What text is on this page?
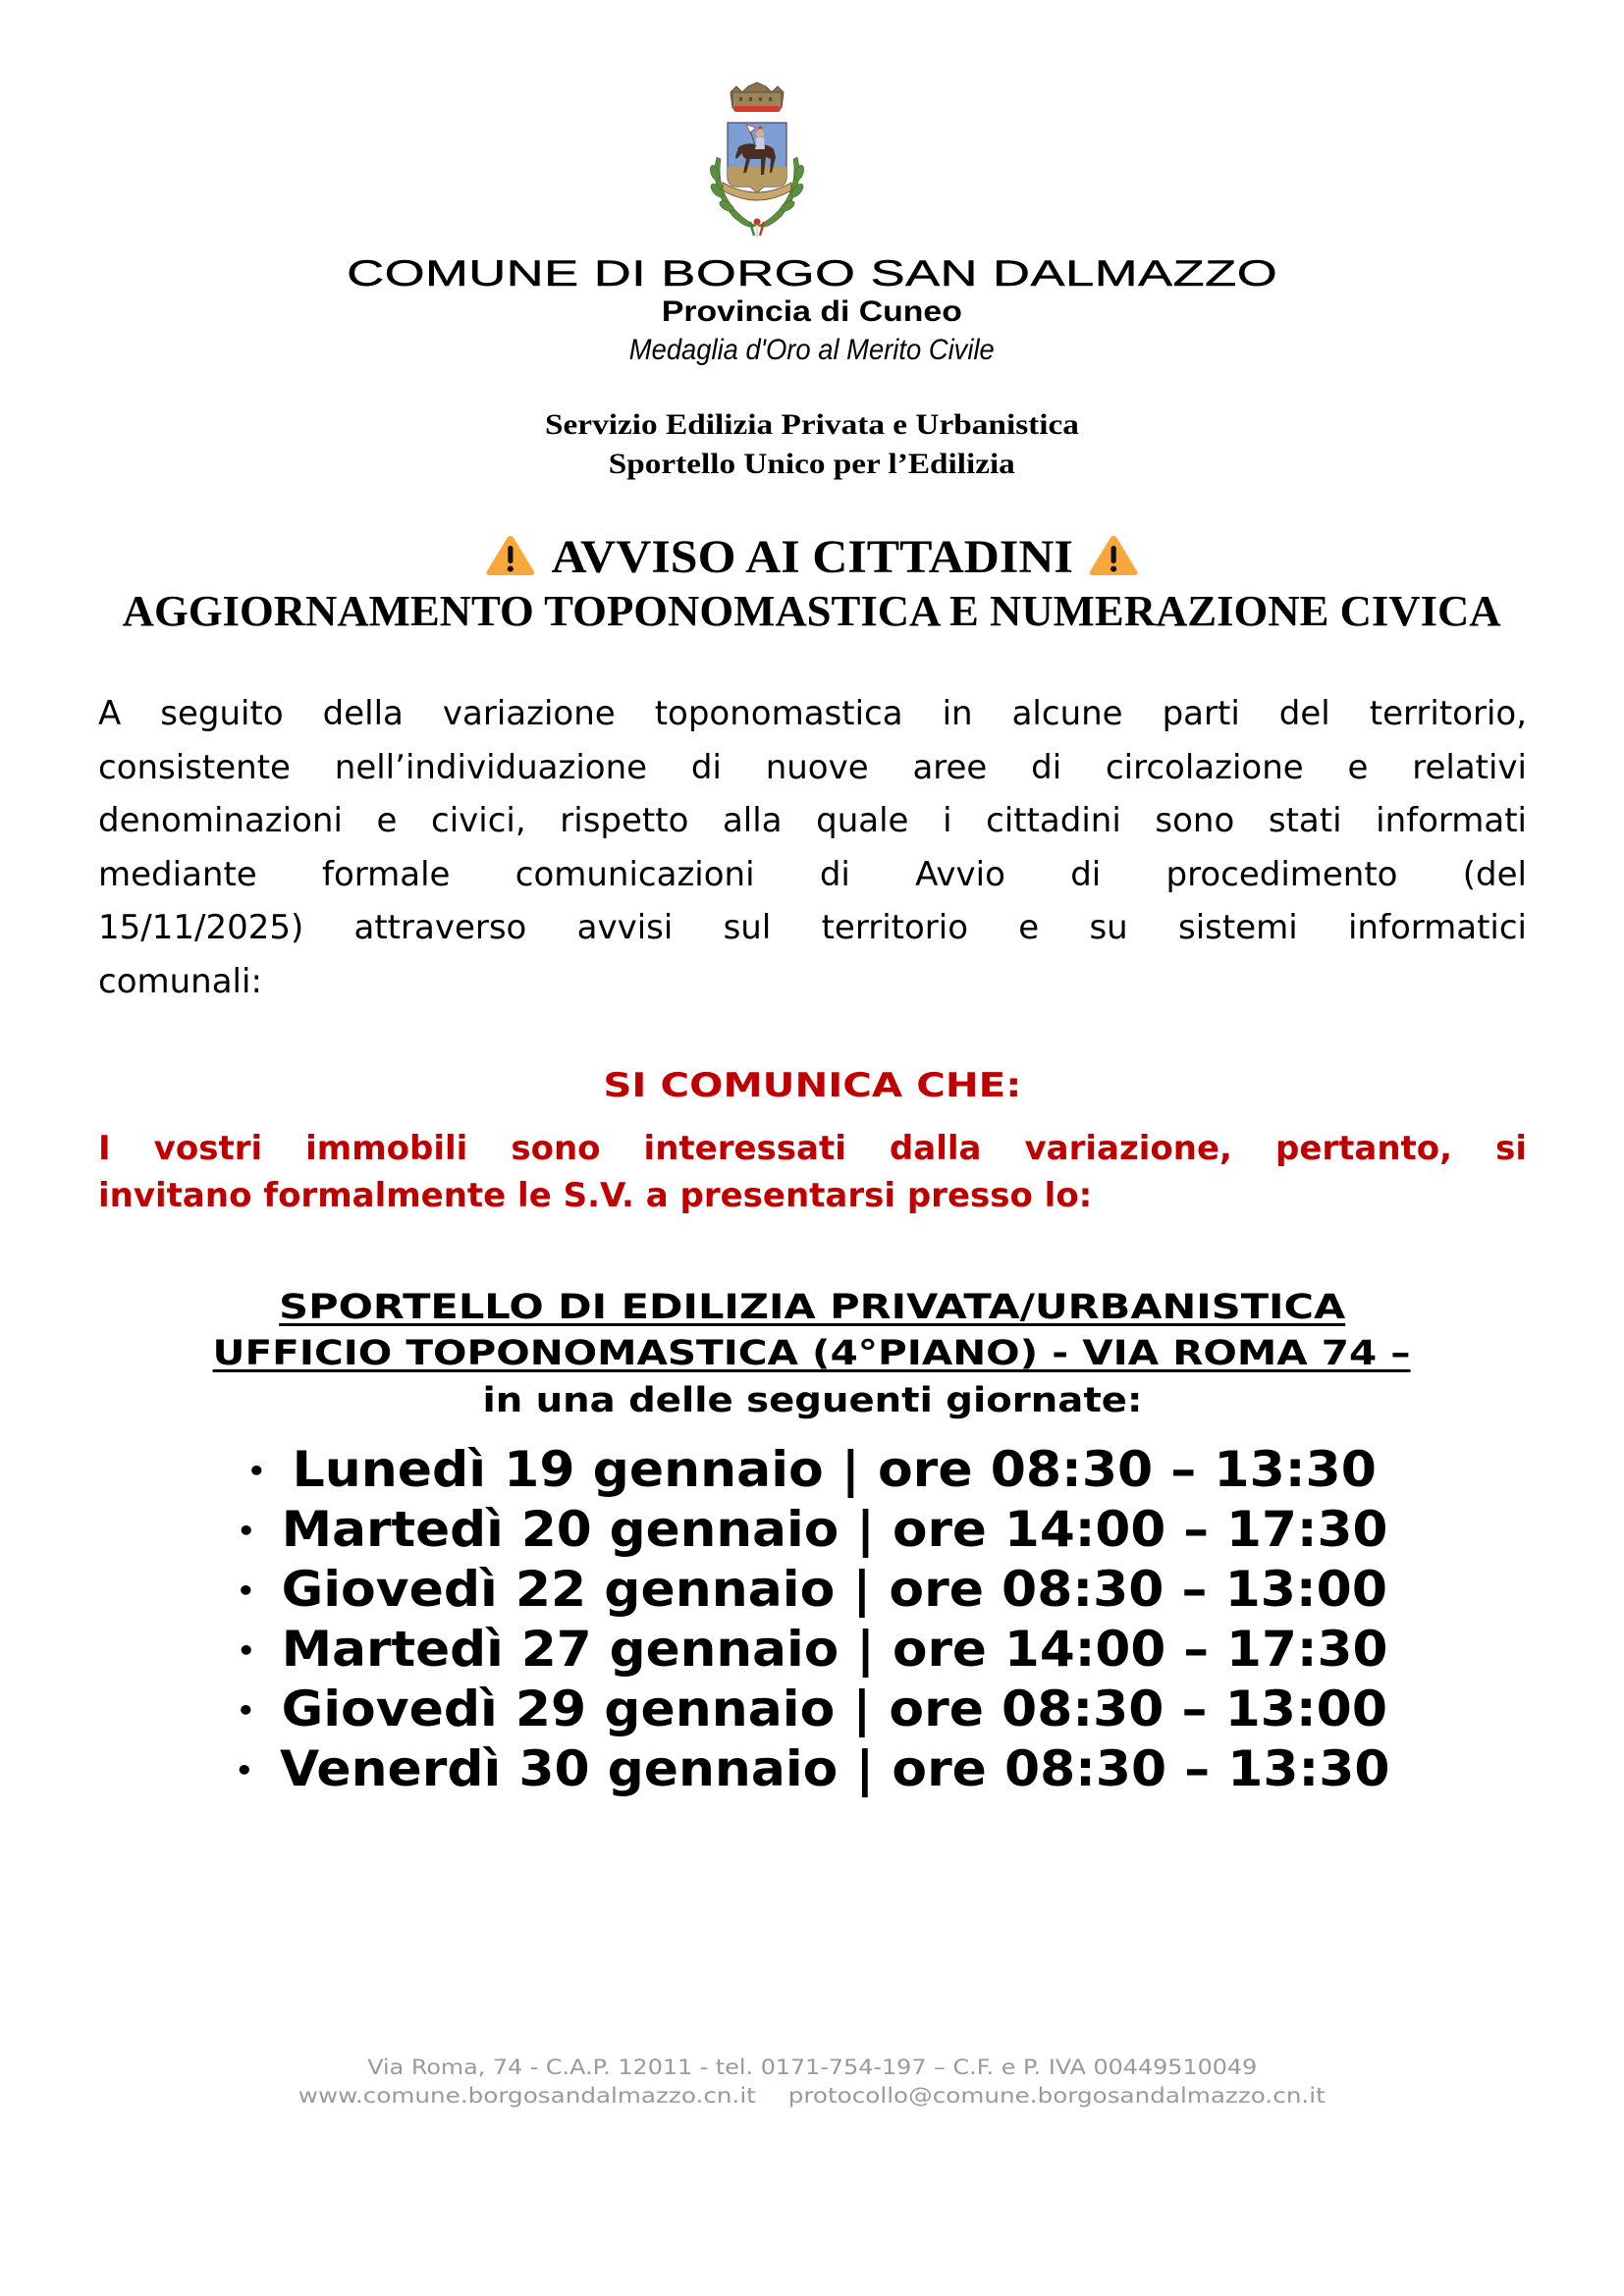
COMUNE DI BORGO SAN DALMAZZO
Provincia di Cuneo
Medaglia d'Oro al Merito Civile
Servizio Edilizia Privata e Urbanistica
Sportello Unico per l’Edilizia
AVVISO AI CITTADINI
AGGIORNAMENTO TOPONOMASTICA E NUMERAZIONE CIVICA
A seguito della variazione toponomastica in alcune parti del territorio,
consistente nell’individuazione di nuove aree di circolazione e relativi
denominazioni e civici, rispetto alla quale i cittadini sono stati informati
mediante formale comunicazioni di Avvio di procedimento (del
15/11/2025) attraverso avvisi sul territorio e su sistemi informatici
comunali:
SI COMUNICA CHE:
I vostri immobili sono interessati dalla variazione, pertanto, si
invitano formalmente le S.V. a presentarsi presso lo:
SPORTELLO DI EDILIZIA PRIVATA/URBANISTICA
UFFICIO TOPONOMASTICA (4°PIANO) - VIA ROMA 74 –
in una delle seguenti giornate:
• Lunedì 19 gennaio | ore 08:30 – 13:30
• Martedì 20 gennaio | ore 14:00 – 17:30
• Giovedì 22 gennaio | ore 08:30 – 13:00
• Martedì 27 gennaio | ore 14:00 – 17:30
• Giovedì 29 gennaio | ore 08:30 – 13:00
• Venerdì 30 gennaio | ore 08:30 – 13:30
Via Roma, 74 - C.A.P. 12011 - tel. 0171-754-197 – C.F. e P. IVA 00449510049
www.comune.borgosandalmazzo.cn.it protocollo@comune.borgosandalmazzo.cn.it
